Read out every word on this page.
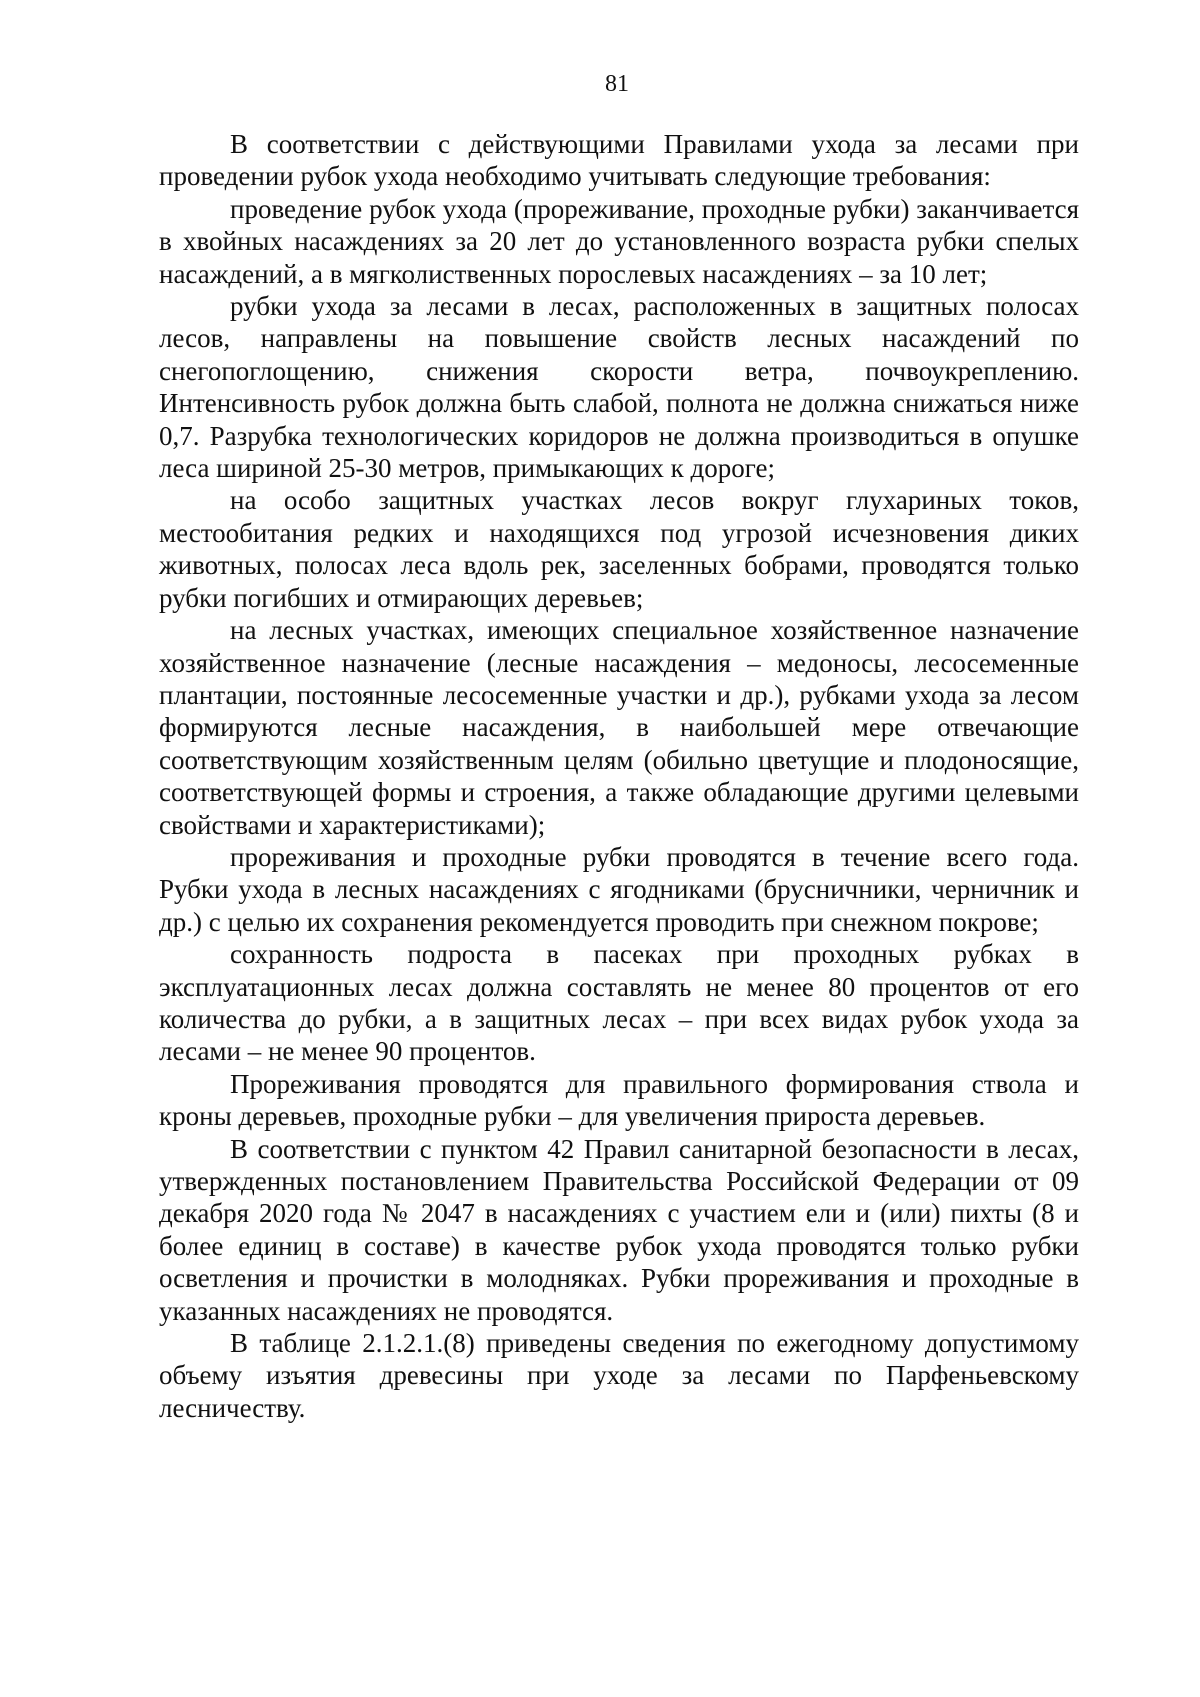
81

В соответствии с действующими Правилами ухода за лесами при проведении рубок ухода необходимо учитывать следующие требования:

проведение рубок ухода (прореживание, проходные рубки) заканчивается в хвойных насаждениях за 20 лет до установленного возраста рубки спелых насаждений, а в мягколиственных порослевых насаждениях – за 10 лет;

рубки ухода за лесами в лесах, расположенных в защитных полосах лесов, направлены на повышение свойств лесных насаждений по снегопоглощению, снижения скорости ветра, почвоукреплению. Интенсивность рубок должна быть слабой, полнота не должна снижаться ниже 0,7. Разрубка технологических коридоров не должна производиться в опушке леса шириной 25-30 метров, примыкающих к дороге;

на особо защитных участках лесов вокруг глухариных токов, местообитания редких и находящихся под угрозой исчезновения диких животных, полосах леса вдоль рек, заселенных бобрами, проводятся только рубки погибших и отмирающих деревьев;

на лесных участках, имеющих специальное хозяйственное назначение хозяйственное назначение (лесные насаждения – медоносы, лесосеменные плантации, постоянные лесосеменные участки и др.), рубками ухода за лесом формируются лесные насаждения, в наибольшей мере отвечающие соответствующим хозяйственным целям (обильно цветущие и плодоносящие, соответствующей формы и строения, а также обладающие другими целевыми свойствами и характеристиками);

прореживания и проходные рубки проводятся в течение всего года. Рубки ухода в лесных насаждениях с ягодниками (брусничники, черничник и др.) с целью их сохранения рекомендуется проводить при снежном покрове;

сохранность подроста в пасеках при проходных рубках в эксплуатационных лесах должна составлять не менее 80 процентов от его количества до рубки, а в защитных лесах – при всех видах рубок ухода за лесами – не менее 90 процентов.

Прореживания проводятся для правильного формирования ствола и кроны деревьев, проходные рубки – для увеличения прироста деревьев.

В соответствии с пунктом 42 Правил санитарной безопасности в лесах, утвержденных постановлением Правительства Российской Федерации от 09 декабря 2020 года № 2047 в насаждениях с участием ели и (или) пихты (8 и более единиц в составе) в качестве рубок ухода проводятся только рубки осветления и прочистки в молодняках. Рубки прореживания и проходные в указанных насаждениях не проводятся.

В таблице 2.1.2.1.(8) приведены сведения по ежегодному допустимому объему изъятия древесины при уходе за лесами по Парфеньевскому лесничеству.
